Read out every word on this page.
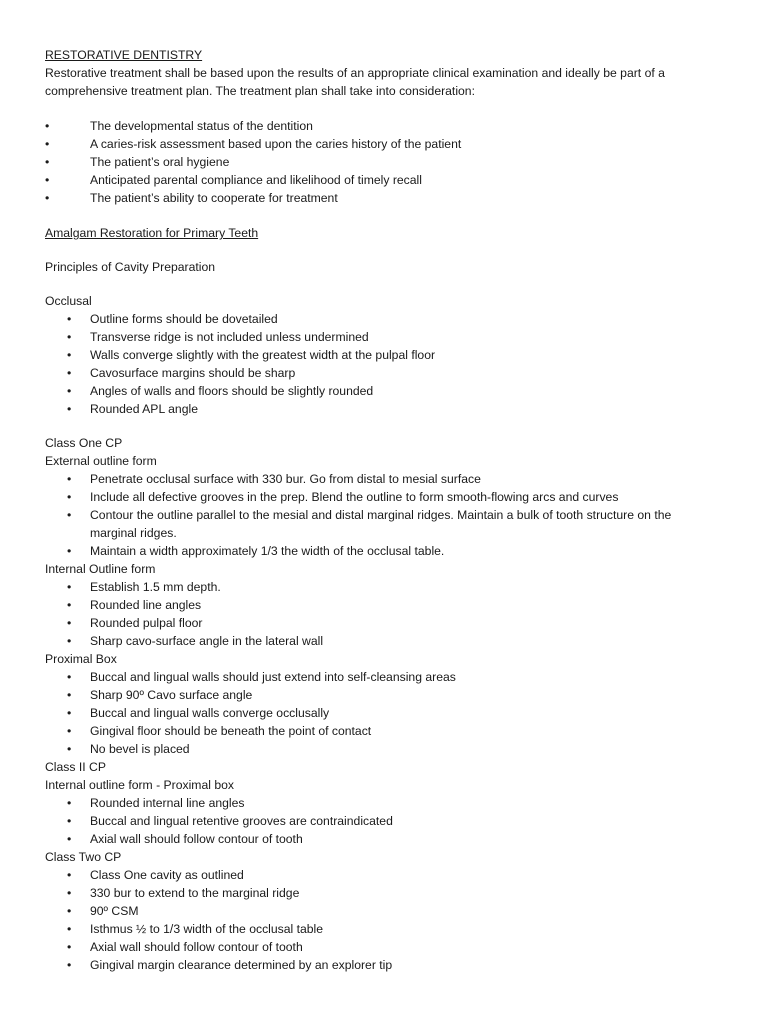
RESTORATIVE DENTISTRY
Restorative treatment shall be based upon the results of an appropriate clinical examination and ideally be part of a comprehensive treatment plan. The treatment plan shall take into consideration:
•	The developmental status of the dentition
•	A caries-risk assessment based upon the caries history of the patient
•	The patient’s oral hygiene
•	Anticipated parental compliance and likelihood of timely recall
•	The patient’s ability to cooperate for treatment
Amalgam Restoration for Primary Teeth
Principles of Cavity Preparation
Occlusal
• Outline forms should be dovetailed
• Transverse ridge is not included unless undermined
• Walls converge slightly with the greatest width at the pulpal floor
• Cavosurface margins should be sharp
• Angles of walls and floors should be slightly rounded
• Rounded APL angle
Class One CP
External outline form
• Penetrate occlusal surface with 330 bur. Go from distal to mesial surface
• Include all defective grooves in the prep. Blend the outline to form smooth-flowing arcs and curves
• Contour the outline parallel to the mesial and distal marginal ridges. Maintain a bulk of tooth structure on the marginal ridges.
• Maintain a width approximately 1/3 the width of the occlusal table.
Internal Outline form
• Establish 1.5 mm depth.
• Rounded line angles
• Rounded pulpal floor
• Sharp cavo-surface angle in the lateral wall
Proximal Box
• Buccal and lingual walls should just extend into self-cleansing areas
• Sharp 90º Cavo surface angle
• Buccal and lingual walls converge occlusally
• Gingival floor should be beneath the point of contact
• No bevel is placed
Class II CP
Internal outline form - Proximal box
• Rounded internal line angles
• Buccal and lingual retentive grooves are contraindicated
• Axial wall should follow contour of tooth
Class Two CP
• Class One cavity as outlined
• 330 bur to extend to the marginal ridge
• 90º CSM
• Isthmus ½ to 1/3 width of the occlusal table
• Axial wall should follow contour of tooth
• Gingival margin clearance determined by an explorer tip
